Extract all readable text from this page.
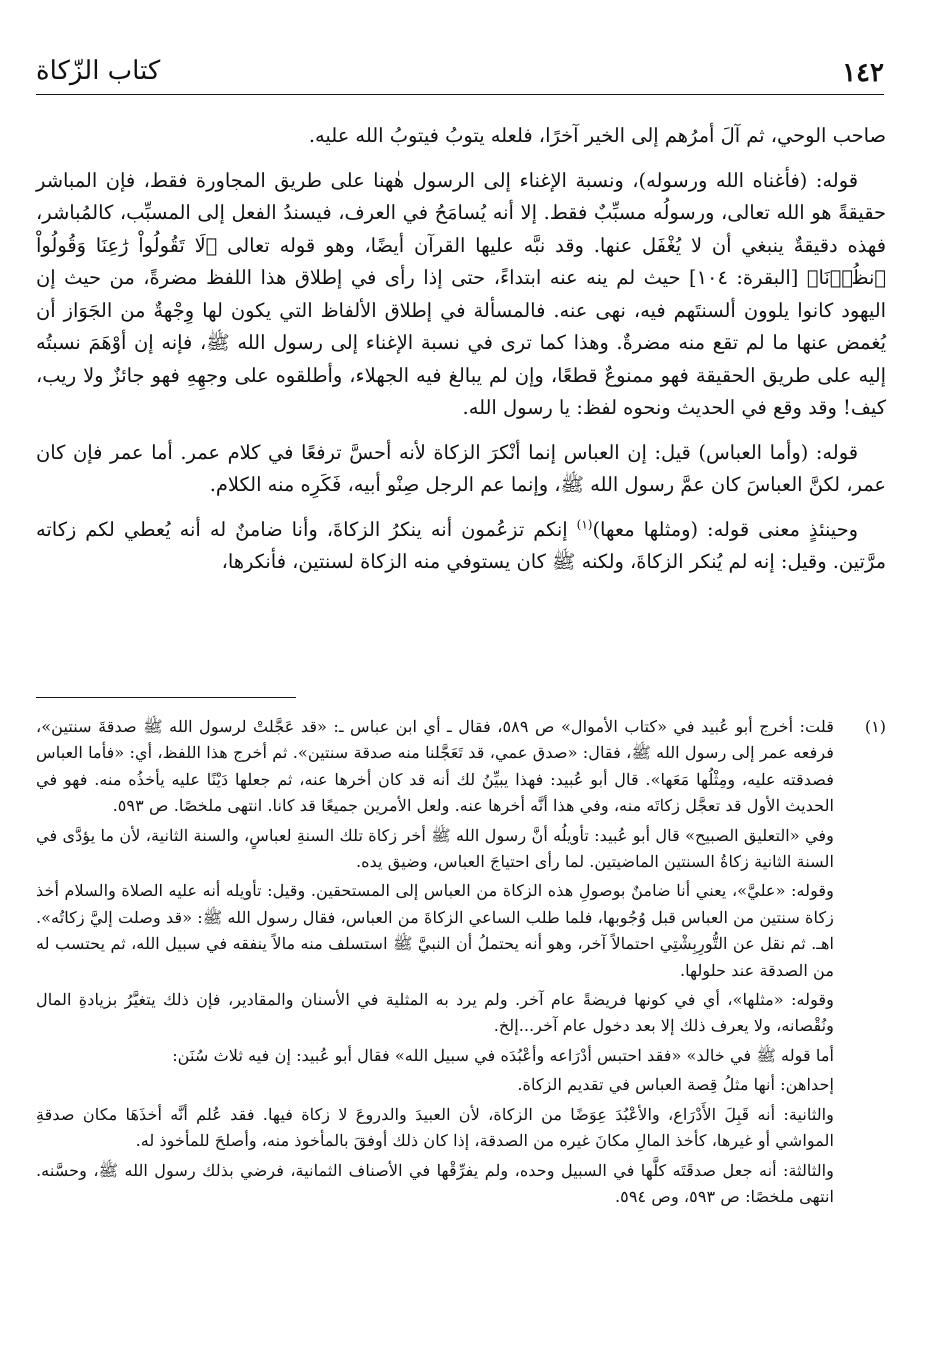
١٤٢
كتاب الزّكاة

صاحب الوحي، ثم آلَ أمرُهم إلى الخير آخرًا، فلعله يتوبُ فيتوبُ الله عليه.

قوله: (فأغناه الله ورسوله)، ونسبة الإغناء إلى الرسول هٰهنا على طريق المجاورة فقط، فإن المباشر حقيقةً هو الله تعالى، ورسولُه مسبِّبٌ فقط. إلا أنه يُسامَحُ في العرف، فيسندُ الفعل إلى المسبِّب، كالمُباشر، فهذه دقيقةٌ ينبغي أن لا يُغْفَل عنها. وقد نبَّه عليها القرآن أيضًا، وهو قوله تعالى ﴿لَا تَقُولُواْ رَٰعِنَا وَقُولُواْ ٱنظُرۡنَا﴾ [البقرة: ١٠٤] حيث لم ينه عنه ابتداءً، حتى إذا رأى في إطلاق هذا اللفظ مضرةً، من حيث إن اليهود كانوا يلوون ألسنتَهم فيه، نهى عنه. فالمسألة في إطلاق الألفاظ التي يكون لها وِجْهةٌ من الجَوَاز أن يُغمض عنها ما لم تقع منه مضرةٌ. وهذا كما ترى في نسبة الإغناء إلى رسول الله ﷺ، فإنه إن أوْهَمَ نسبتُه إليه على طريق الحقيقة فهو ممنوعٌ قطعًا، وإن لم يبالغ فيه الجهلاء، وأطلقوه على وجهِهِ فهو جائزٌ ولا ريب، كيف! وقد وقع في الحديث ونحوه لفظ: يا رسول الله.

قوله: (وأما العباس) قيل: إن العباس إنما أنْكرَ الزكاة لأنه أحسَّ ترفعًا في كلام عمر. أما عمر فإن كان عمر، لكنَّ العباسَ كان عمَّ رسول الله ﷺ، وإنما عم الرجل صِنْو أبيه، فَكَرِه منه الكلام.

وحينئذٍ معنى قوله: (ومثلها معها)$^{(١)}$ إنكم تزعُمون أنه ينكرُ الزكاةَ، وأنا ضامنٌ له أنه يُعطي لكم زكاته مرَّتين. وقيل: إنه لم يُنكر الزكاةَ، ولكنه ﷺ كان يستوفي منه الزكاة لسنتين، فأنكرها،

(١)

قلت: أخرج أبو عُبيد في «كتاب الأموال» ص ٥٨٩، فقال ـ أي ابن عباس ـ: «قد عَجَّلتْ لرسول الله ﷺ صدقةَ سنتين»، فرفعه عمر إلى رسول الله ﷺ، فقال: «صدق عمي، قد تَعَجَّلنا منه صدقة سنتين». ثم أخرج هذا اللفظ، أي: «فأما العباس فصدقته عليه، ومِثْلُها مَعَها». قال أبو عُبيد: فهذا يبيِّنُ لك أنه قد كان أخرها عنه، ثم جعلها دَيْنًا عليه يأخذُه منه. فهو في الحديث الأول قد تعجَّل زكاتَه منه، وفي هذا أنَّه أخرها عنه. ولعل الأمرين جميعًا قد كانا. انتهى ملخصًا. ص ٥٩٣.

وفي «التعليق الصبيح» قال أبو عُبيد: تأويلُه أنَّ رسول الله ﷺ أخر زكاة تلك السنةِ لعباسٍ، والسنة الثانية، لأن ما يؤدَّى في السنة الثانية زكاةُ السنتين الماضيتين. لما رأى احتياجَ العباس، وضيق يده.

وقوله: «عليَّ»، يعني أنا ضامنٌ بوصولِ هذه الزكاة من العباس إلى المستحقين. وقيل: تأويله أنه عليه الصلاة والسلام أخذ زكاة سنتين من العباس قبل وُجُوبها، فلما طلب الساعي الزكاةَ من العباس، فقال رسول الله ﷺ: «قد وصلت إليَّ زكاتُه». اهـ. ثم نقل عن التُّورِبِشْتِي احتمالاً آخر، وهو أنه يحتملُ أن النبيَّ ﷺ استسلف منه مالاً ينفقه في سبيل الله، ثم يحتسب له من الصدقة عند حلولها.

وقوله: «مثلها»، أي في كونها فريضةً عام آخر. ولم يرد به المثلية في الأسنان والمقادير، فإن ذلك يتغيَّرُ بزيادةِ المال ونُقْصانه، ولا يعرف ذلك إلا بعد دخول عام آخر...إلخ.

أما قوله ﷺ في خالد» «فقد احتبس أدْرَاعه وأعْبُدَه في سبيل الله» فقال أبو عُبيد: إن فيه ثلاث سُنَن:

إحداهن: أنها مثلُ قِصة العباس في تقديم الزكاة.

والثانية: أنه قَبِلَ الأَدْرَاع، والأعْبُدَ عِوَضًا من الزكاة، لأن العبيدَ والدروعَ لا زكاة فيها. فقد عُلم أنَّه أخذَهَا مكان صدقةِ المواشي أو غيرها، كأخذ المالِ مكانَ غيره من الصدقة، إذا كان ذلك أوفقَ بالمأخوذ منه، وأصلحَ للمأخوذ له.

والثالثة: أنه جعل صدقَتَه كلَّها في السبيل وحده، ولم يفرِّقْها في الأصناف الثمانية، فرضي بذلك رسول الله ﷺ، وحسَّنه. انتهى ملخصًا: ص ٥٩٣، وص ٥٩٤.
